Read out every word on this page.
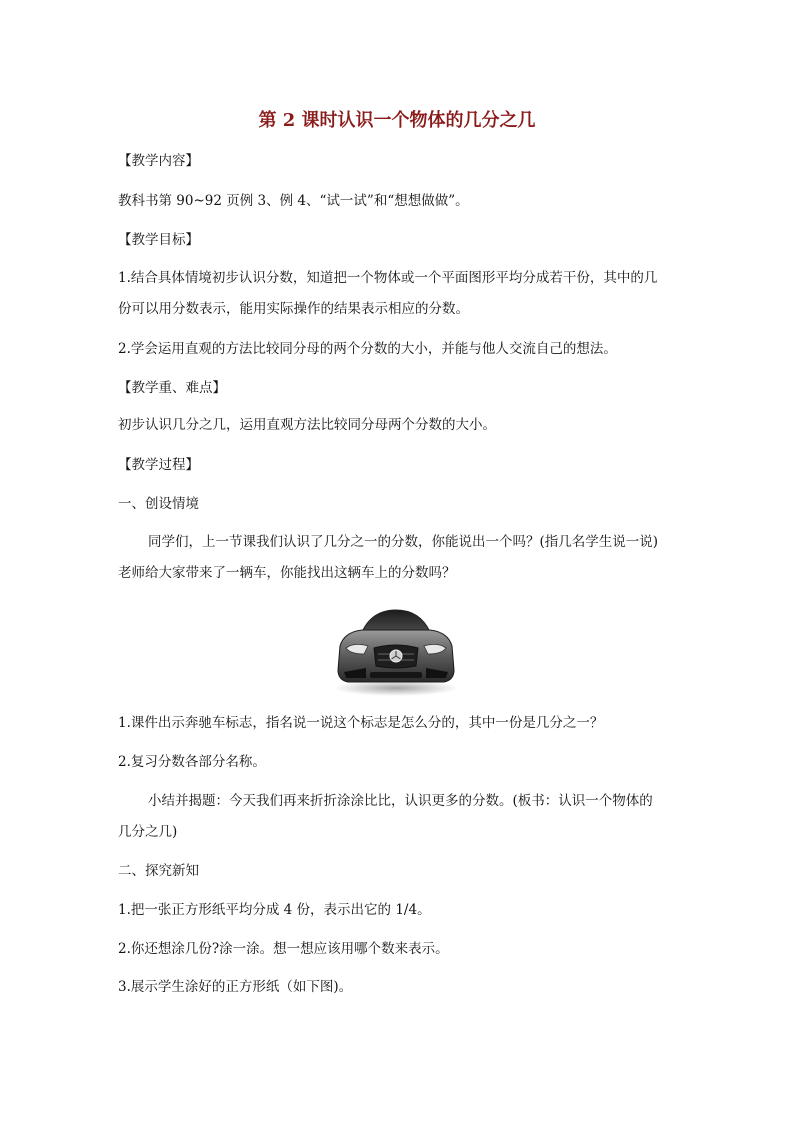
第 2 课时认识一个物体的几分之几
【教学内容】
教科书第 90~92 页例 3、例 4、“试一试”和“想想做做”。
【教学目标】
1.结合具体情境初步认识分数，知道把一个物体或一个平面图形平均分成若干份，其中的几
份可以用分数表示，能用实际操作的结果表示相应的分数。
2.学会运用直观的方法比较同分母的两个分数的大小，并能与他人交流自己的想法。
【教学重、难点】
初步认识几分之几，运用直观方法比较同分母两个分数的大小。
【教学过程】
一、创设情境
同学们，上一节课我们认识了几分之一的分数，你能说出一个吗？(指几名学生说一说)
老师给大家带来了一辆车，你能找出这辆车上的分数吗？
1.课件出示奔驰车标志，指名说一说这个标志是怎么分的，其中一份是几分之一？
2.复习分数各部分名称。
小结并揭题：今天我们再来折折涂涂比比，认识更多的分数。(板书：认识一个物体的
几分之几)
二、探究新知
1.把一张正方形纸平均分成 4 份，表示出它的 1/4。
2.你还想涂几份?涂一涂。想一想应该用哪个数来表示。
3.展示学生涂好的正方形纸（如下图)。
